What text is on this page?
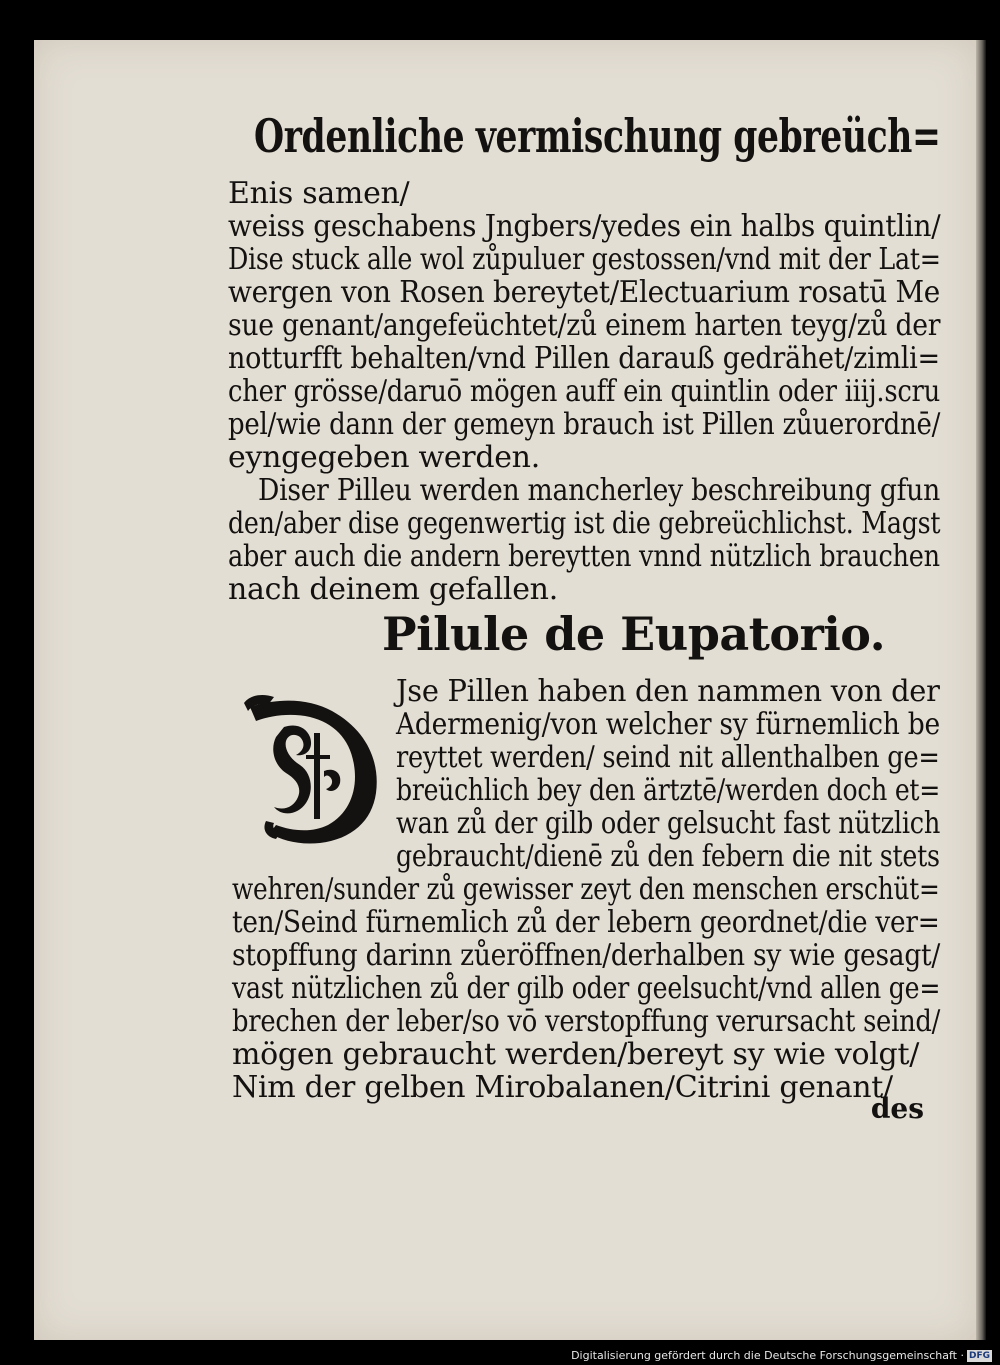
Ordenliche vermischung gebreüch=

Enis samen/

weiss geschabens Jngbers/yedes ein halbs quintlin/

Dise stuck alle wol zůpuluer gestossen/vnd mit der Lat=

wergen von Rosen bereytet/Electuarium rosatū Me

sue genant/angefeüchtet/zů einem harten teyg/zů der

notturfft behalten/vnd Pillen darauß gedrähet/zimli=

cher grösse/daruō mögen auff ein quintlin oder iiij.scru

pel/wie dann der gemeyn brauch ist Pillen zůuerordnē/

eyngegeben werden.

Diser Pilleu werden mancherley beschreibung gfun

den/aber dise gegenwertig ist die gebreüchlichst. Magst

aber auch die andern bereytten vnnd nützlich brauchen

nach deinem gefallen.

Pilule de Eupatorio.

Jse Pillen haben den nammen von der

Adermenig/von welcher sy fürnemlich be

reyttet werden/ seind nit allenthalben ge=

breüchlich bey den ärtztē/werden doch et=

wan zů der gilb oder gelsucht fast nützlich

gebraucht/dienē zů den febern die nit stets

wehren/sunder zů gewisser zeyt den menschen erschüt=

ten/Seind fürnemlich zů der lebern geordnet/die ver=

stopffung darinn zůeröffnen/derhalben sy wie gesagt/

vast nützlichen zů der gilb oder geelsucht/vnd allen ge=

brechen der leber/so vō verstopffung verursacht seind/

mögen gebraucht werden/bereyt sy wie volgt/

Nim der gelben Mirobalanen/Citrini genant/

des

Digitalisierung gefördert durch die Deutsche Forschungsgemeinschaft · DFG
